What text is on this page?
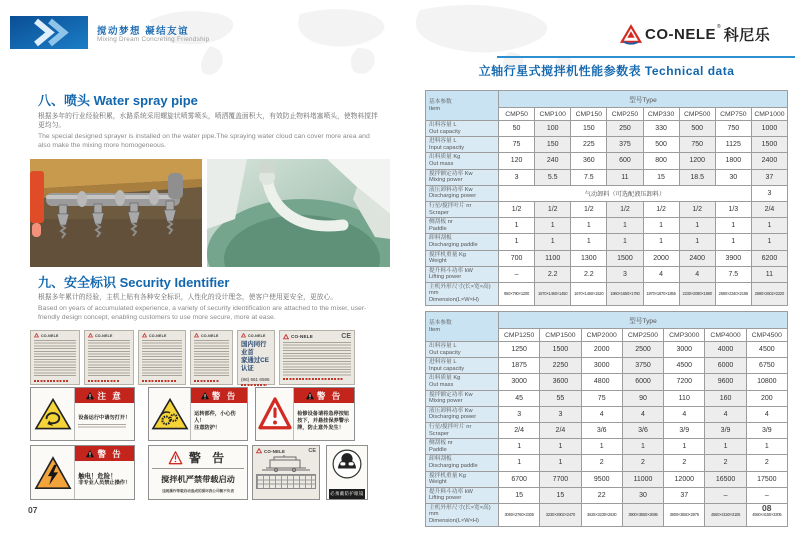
搅动梦想 凝结友谊
Mixing Dream Concreting Friendship	CO-NELE ® 科尼乐
八、喷头 Water spray pipe

根据多年的行业经验积累，水路系统采用螺旋状喷雾喷头，喷洒覆盖面积大，有效防止物料堵塞喷头，使物料搅拌更均匀。

The special designed sprayer is installed on the water pipe.The spraying water cloud can cover more area and also make the mixing more homogeneous.

九、安全标识 Security Identifier

根据多年累计的经验，主机上贴有各种安全标识，人性化的设计理念，使客户使用更安全，更放心。

Based on years of accumulated experience, a variety of security identification are attached to the mixer, user-friendly design concept, enabling customers to use more secure, more at ease.

CO-NELE	CO-NELE	CO-NELE	CO-NELE	CO-NELE
国内同行业首
家通过CE认证
(86) 661 6566
CO-NELE	CE
注 意
设备运行中请勿打开！
警 告
运转部件，小心伤人！
注意防护！
警 告
检修设备请将急停按钮
按下，并悬挂保养警示
牌，防止意外发生！
警 告
触电！危险！
非专业人员禁止操作！
警 告
搅拌机严禁带载启动
违规操作带载启动造成的损坏我公司概不负责
CO-NELE	CE
必须戴防护眼镜
立轴行星式搅拌机性能参数表 Technical data
基本参数
Item	型号Type							
	CMP50	CMP100	CMP150	CMP250	CMP330	CMP500	CMP750	CMP1000
出料容量 L
Out capacity	50	100	150	250	330	500	750	1000
进料容量 L
Input capacity	75	150	225	375	500	750	1125	1500
出料质量 Kg
Out mass	120	240	360	600	800	1200	1800	2400
搅拌额定功率 Kw
Mixing power	3	5.5	7.5	11	15	18.5	30	37
液压卸料功率 Kw
Discharging power	气动卸料（可选配液压卸料）							3
行星/搅拌叶片 nr
Scraper	1/2	1/2	1/2	1/2	1/2	1/2	1/3	2/4
侧刮板 nr
Paddle	1	1	1	1	1	1	1	1
卸料刮板
Discharging paddle	1	1	1	1	1	1	1	1
搅拌机重量 Kg
Weight	700	1100	1300	1500	2000	2400	3900	6200
提升料斗功率 kW
Lifting power	–	2.2	2.2	3	4	4	7.5	11
主机外形尺寸(长×宽×高) mm
Dimension(L×W×H)	950×790×1200	1670×1460×1450	1670×1460×1620	1960×1650×1780	1870×1870×1855	2230×2080×1880	2580×2340×2195	2690×2602×2220
基本参数
Item	型号Type						
	CMP1250	CMP1500	CMP2000	CMP2500	CMP3000	CMP4000	CMP4500
出料容量 L
Out capacity	1250	1500	2000	2500	3000	4000	4500
进料容量 L
Input capacity	1875	2250	3000	3750	4500	6000	6750
出料质量 Kg
Out mass	3000	3600	4800	6000	7200	9600	10800
搅拌额定功率 Kw
Mixing power	45	55	75	90	110	160	200
液压卸料功率 Kw
Discharging power	3	3	4	4	4	4	4
行星/搅拌叶片 nr
Scraper	2/4	2/4	3/6	3/6	3/9	3/9	3/9
侧刮板 nr
Paddle	1	1	1	1	1	1	1
卸料刮板
Discharging paddle	1	1	2	2	2	2	2
搅拌机重量 Kg
Weight	6700	7700	9500	11000	12000	16500	17500
提升料斗功率 kW
Lifting power	15	15	22	30	37	–	–
主机外形尺寸(长×宽×高) mm
Dimension(L×W×H)	3060×2760×2305	3230×2902×2470	3625×3230×2630	3900×3550×2695	3900×3550×2975	4560×4150×3105	4560×4150×3305
07	08
